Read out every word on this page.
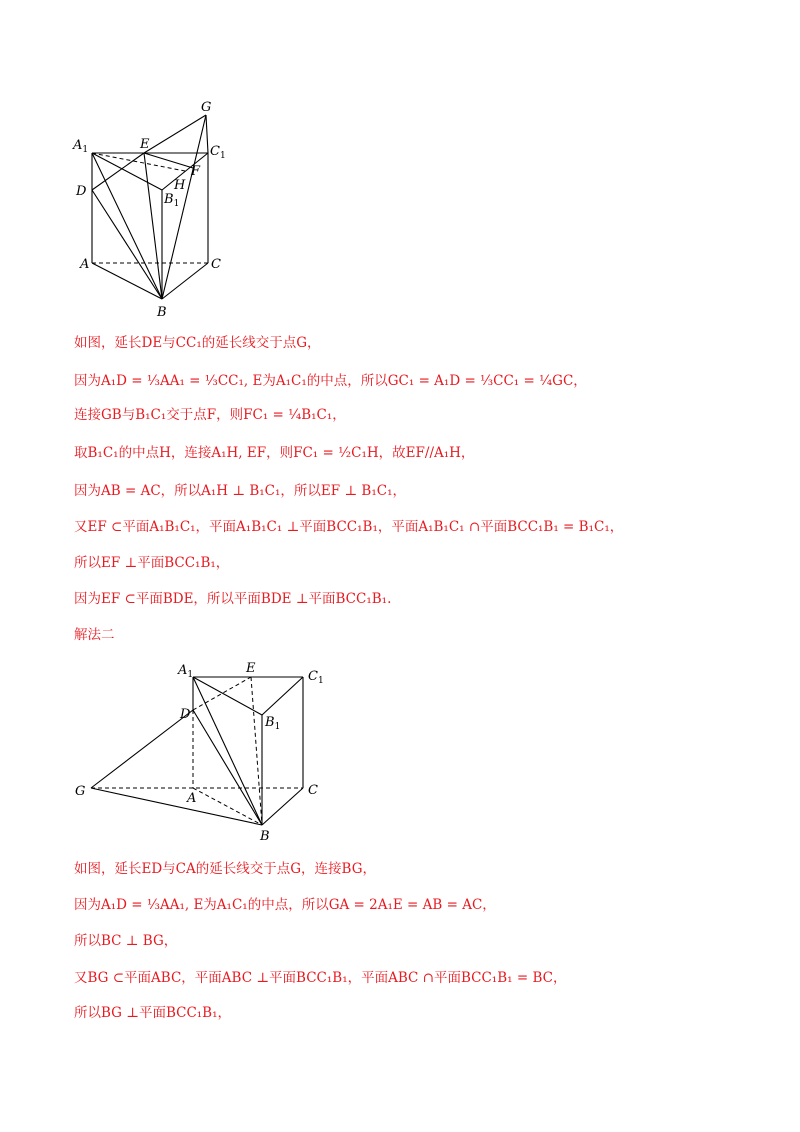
$A_1$	E
G
$C_1$
D
F
H
$B_1$
A	C
B
如图，延长DE与CC₁的延长线交于点G，
因为A₁D = ¹⁄₃AA₁ = ¹⁄₃CC₁, E为A₁C₁的中点，所以GC₁ = A₁D = ¹⁄₃CC₁ = ¹⁄₄GC，
连接GB与B₁C₁交于点F，则FC₁ = ¹⁄₄B₁C₁，
取B₁C₁的中点H，连接A₁H, EF，则FC₁ = ¹⁄₂C₁H，故EF//A₁H，
因为AB = AC，所以A₁H ⊥ B₁C₁，所以EF ⊥ B₁C₁，
又EF ⊂平面A₁B₁C₁，平面A₁B₁C₁ ⊥平面BCC₁B₁，平面A₁B₁C₁ ∩平面BCC₁B₁ = B₁C₁，
所以EF ⊥平面BCC₁B₁，
因为EF ⊂平面BDE，所以平面BDE ⊥平面BCC₁B₁.
解法二
$A_1$	E
$C_1$
D
$B_1$
G	A
C
B
如图，延长ED与CA的延长线交于点G，连接BG，
因为A₁D = ¹⁄₃AA₁, E为A₁C₁的中点，所以GA = 2A₁E = AB = AC，
所以BC ⊥ BG，
又BG ⊂平面ABC，平面ABC ⊥平面BCC₁B₁，平面ABC ∩平面BCC₁B₁ = BC，
所以BG ⊥平面BCC₁B₁，
